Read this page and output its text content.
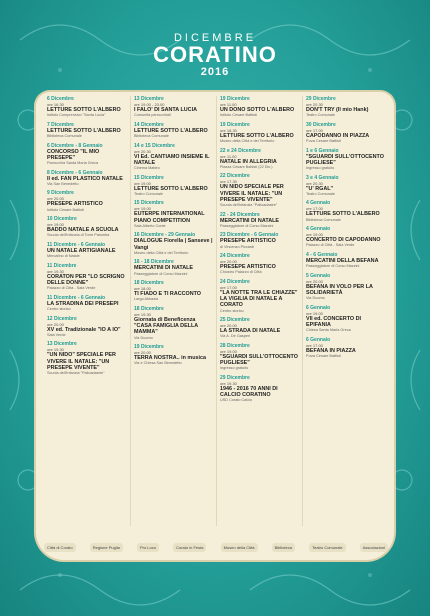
DICEMBRE
CORATINO
2016
6 Dicembre
ore 16.30
LETTURE SOTTO L'ALBERO
Istituto Comprensivo "Santa Lucia"
7 Dicembre
LETTURE SOTTO L'ALBERO
Biblioteca Comunale
6 Dicembre - 8 Gennaio
CONCORSO "IL MIO PRESEPE"
Parrocchia Santa Maria Greca
8 Dicembre - 6 Gennaio
Il ed. FAN PLASTICO NATALE
Via San Benedetto
9 Dicembre
ore 20.00
PRESEPE ARTISTICO
Istituto Cesare Battisti
10 Dicembre
ore 19.00
BADDO NATALE A SCUOLA
Scuola dell'Infanzia di Torre Palomba
11 Dicembre - 6 Gennaio
UN NATALE ARTIGIANALE
Mercatino di Natale
11 Dicembre
ore 19.30
CORATON PER "LO SCRIGNO DELLE DONNE"
Palazzo di Città - Sala Verde
11 Dicembre - 6 Gennaio
LA STRADINA DEI PRESEPI
Centro storico
12 Dicembre
ore 20.00
XV ed. Tradizionale "IO A IO"
Sala Verde
13 Dicembre
ore 19.30
"UN NIDO" SPECIALE PER VIVERE IL NATALE: "UN PRESEPE VIVENTE"
Scuola dell'Infanzia "Palloadastre"
13 Dicembre
ore 19.00 - 23.00
I FALO' DI SANTA LUCIA
Comunità parrocchiali
14 Dicembre
LETTURE SOTTO L'ALBERO
Biblioteca Comunale
14 e 15 Dicembre
ore 20.30
VI Ed. CANTIAMO INSIEME IL NATALE
Cinema Matteo
15 Dicembre
ore 19.00
LETTURE SOTTO L'ALBERO
Teatro Comunale
15 Dicembre
ore 19.00
EUTERPE INTERNATIONAL PIANO COMPETITION
Sala Alberto Conte
16 Dicembre - 29 Gennaio
DIALOGUE Fiorella | Sanseve | Vangi
Museo della Città e del Territorio
16 - 18 Dicembre
MERCATINI DI NATALE
Passeggiatore di Corso Mazzini
18 Dicembre
ore 18.00
TI FIADO E TI RACCONTO
Largo Abbazia
18 Dicembre
ore 19.30
Giornata di Beneficenza "CASA FAMIGLIA DELLA MAMMA"
Via Duomo
19 Dicembre
ore 20.00
TERRA NOSTRA.. in musica
Via e Chiesa San Benedetto
19 Dicembre
ore 11.00
UN DONO SOTTO L'ALBERO
Istituto Cesare Battisti
19 Dicembre
ore 18.30
LETTURE SOTTO L'ALBERO
Museo della Città e del Territorio
22 e 24 Dicembre
ore 11.00
NATALE IN ALLEGRIA
Piazza Cesare Battisti (22 Dic.)
22 Dicembre
ore 17.30
UN NIDO SPECIALE PER VIVERE IL NATALE: "UN PRESEPE VIVENTE"
Scuola dell'infanzia "Palloadastre"
22 - 24 Dicembre
MERCATINI DI NATALE
Passeggiatore di Corso Mazzini
23 Dicembre - 6 Gennaio
PRESEPE ARTISTICO
di Vincenzo Piccardi
24 Dicembre
ore 20.00
PRESEPE ARTISTICO
Chiostro Palazzo di Città
24 Dicembre
ore 17.00
"LA NOTTE TRA LE CHIAZZE" LA VIGILIA DI NATALE A CORATO
Centro storico
25 Dicembre
ore 20.00
LA STRADA DI NATALE
Via A. De Gasperi
28 Dicembre
ore 19.00
"SGUARDI SULL'OTTOCENTO PUGLIESE"
Ingresso gratuito
29 Dicembre
ore 19.30
1946 - 2016 70 ANNI DI CALCIO CORATINO
USD Corato Calcio
29 Dicembre
ore 20.30
DON'T TRY (Il mio Hank)
Teatro Comunale
30 Dicembre
ore 17.00
CAPODANNO IN PIAZZA
P.zza Cesare Battisti
1 e 6 Gennaio
"SGUARDI SULL'OTTOCENTO PUGLIESE"
Ingresso gratuito
3 e 4 Gennaio
ore 20.30
"U' RGAL"
Teatro Comunale
4 Gennaio
ore 17.00
LETTURE SOTTO L'ALBERO
Biblioteca Comunale
4 Gennaio
ore 19.00
CONCERTO DI CAPODANNO
Palazzo di Città - Sala Verde
4 - 6 Gennaio
MERCATINI DELLA BEFANA
Passeggiatore di Corso Mazzini
5 Gennaio
ore 20.00
BEFANA IN VOLO PER LA SOLIDARIETÀ
Via Duomo
6 Gennaio
ore 19.00
VII ed. CONCERTO DI EPIFANIA
Chiesa Santa Maria Greca
6 Gennaio
ore 17.00
BEFANA IN PIAZZA
P.zza Cesare Battisti
Città di Corato	Regione Puglia	Pro Loco	Corato in Festa	Museo della Città	Biblioteca	Teatro Comunale	Associazioni
